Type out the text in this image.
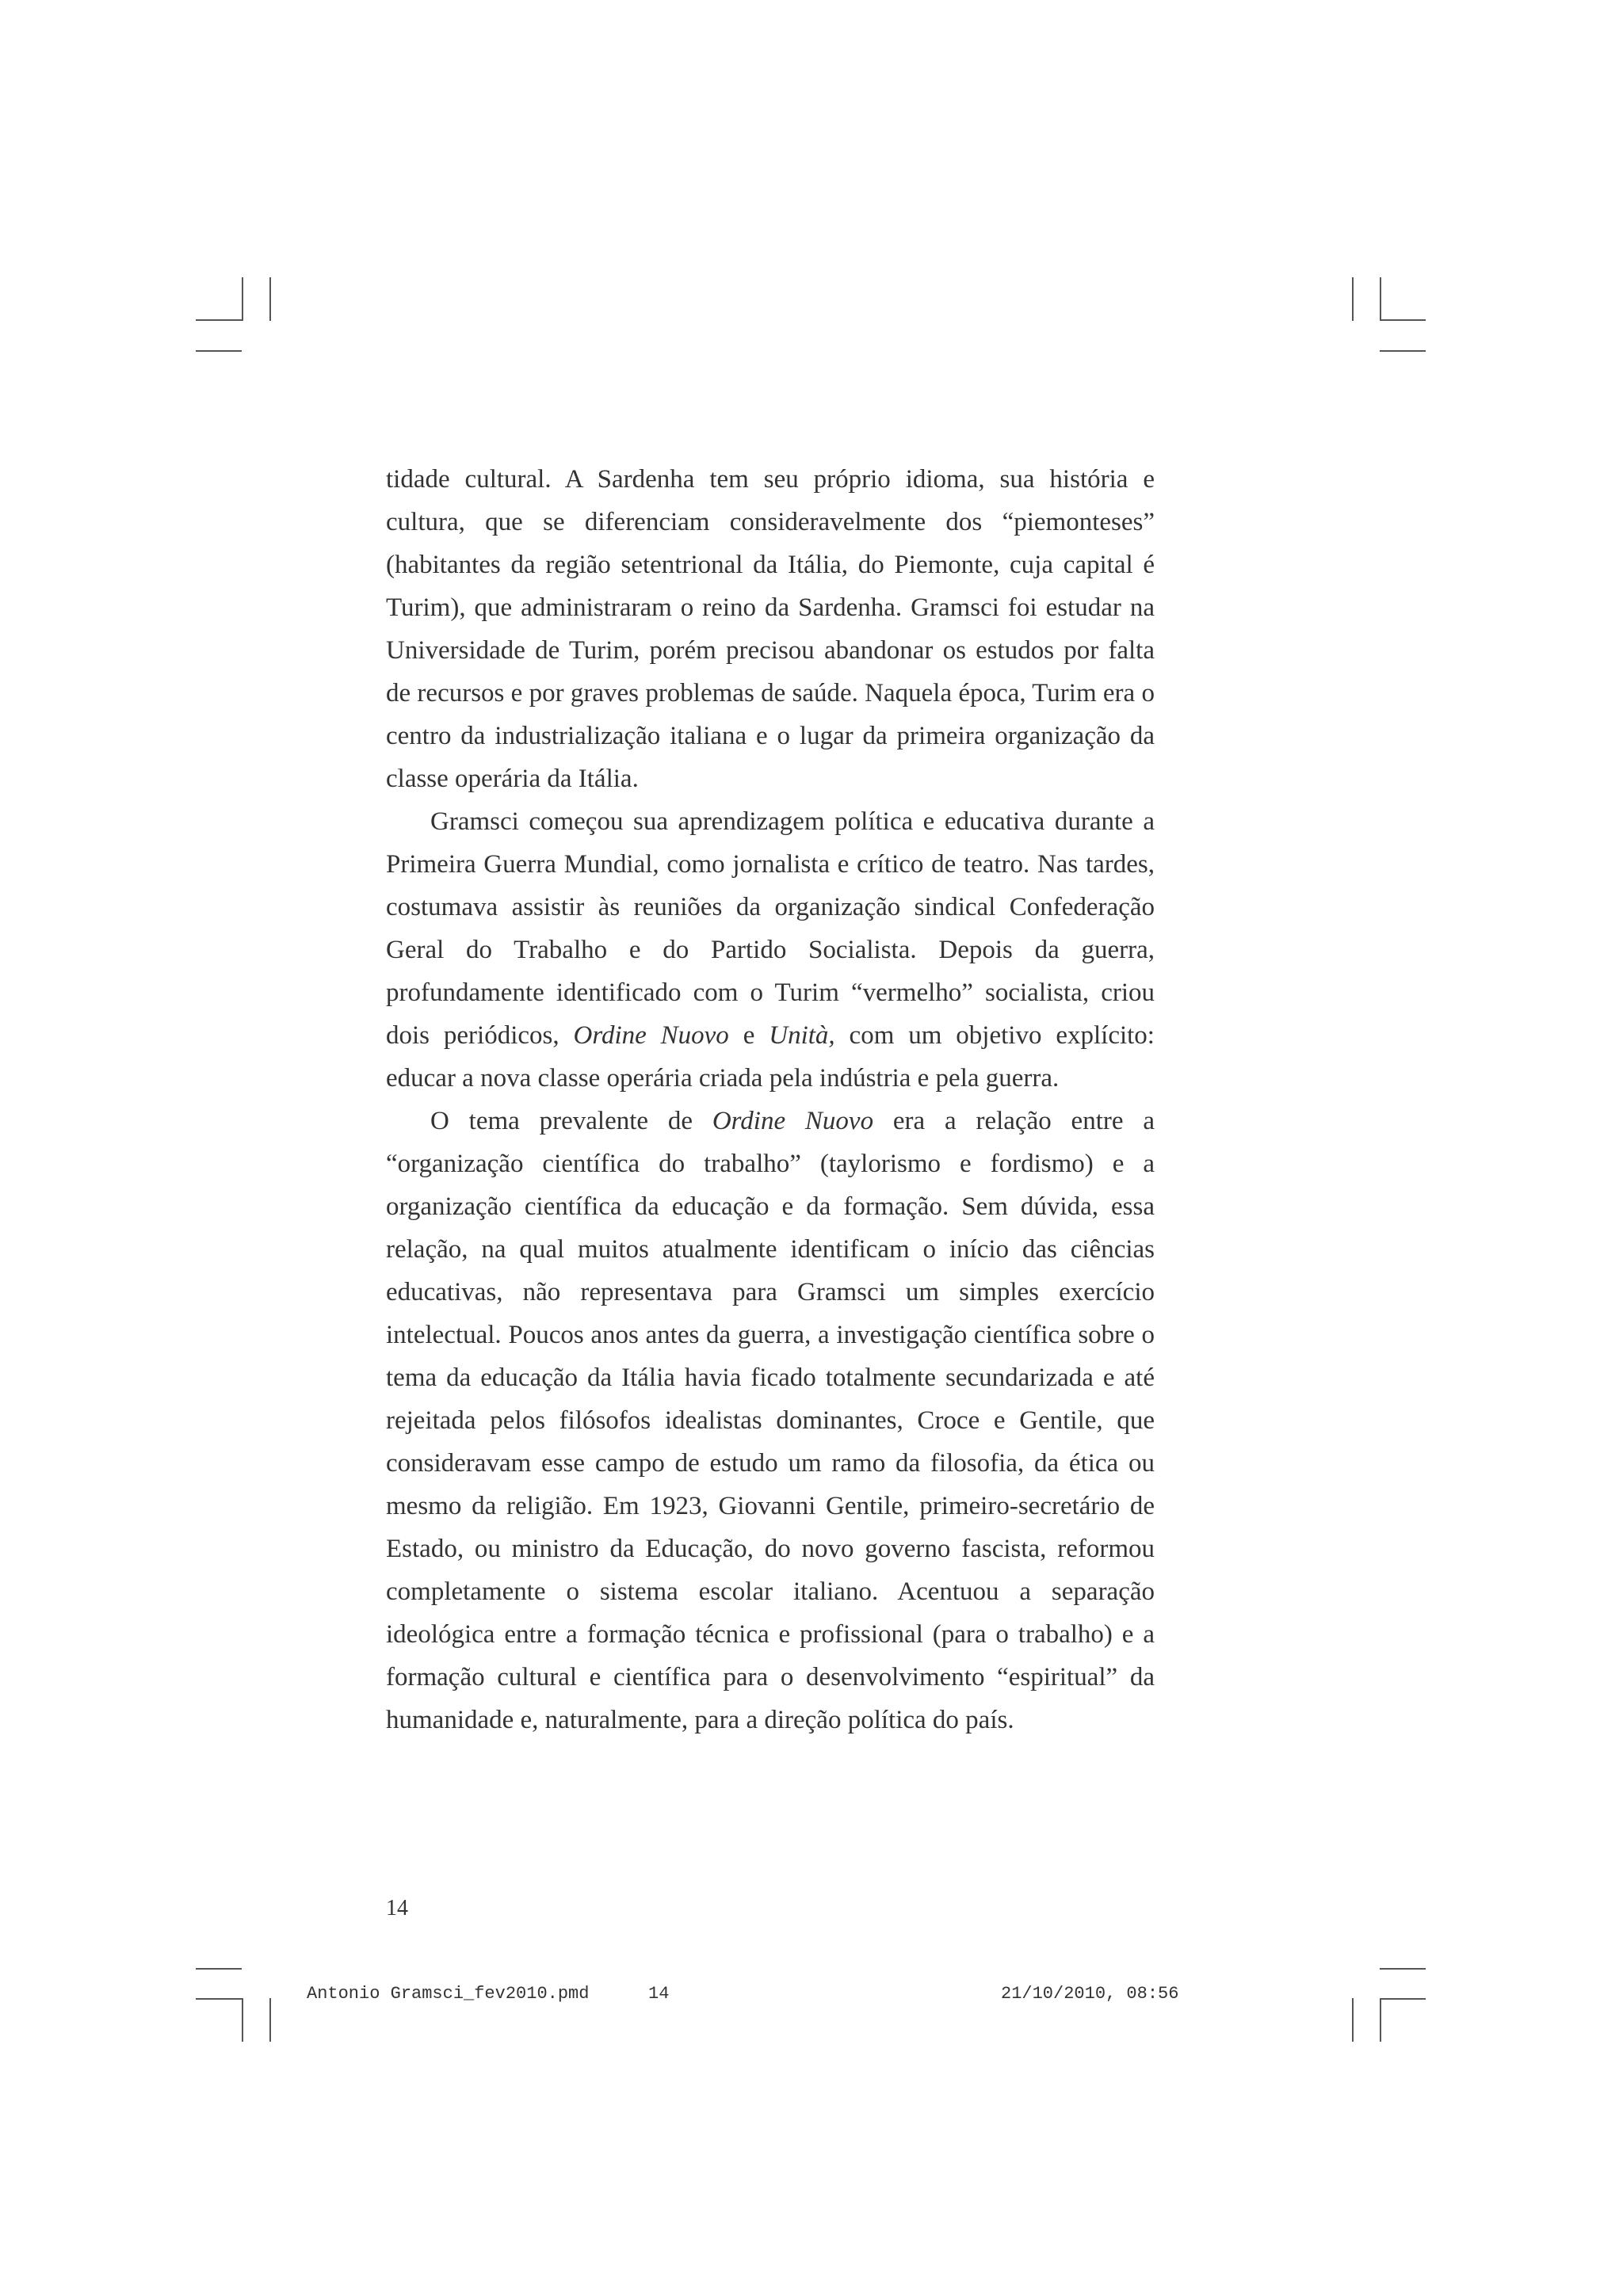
tidade cultural. A Sardenha tem seu próprio idioma, sua história e cultura, que se diferenciam consideravelmente dos “piemonteses” (habitantes da região setentrional da Itália, do Piemonte, cuja capital é Turim), que administraram o reino da Sardenha. Gramsci foi estudar na Universidade de Turim, porém precisou abandonar os estudos por falta de recursos e por graves problemas de saúde. Naquela época, Turim era o centro da industrialização italiana e o lugar da primeira organização da classe operária da Itália.

Gramsci começou sua aprendizagem política e educativa durante a Primeira Guerra Mundial, como jornalista e crítico de teatro. Nas tardes, costumava assistir às reuniões da organização sindical Confederação Geral do Trabalho e do Partido Socialista. Depois da guerra, profundamente identificado com o Turim “vermelho” socialista, criou dois periódicos, Ordine Nuovo e Unità, com um objetivo explícito: educar a nova classe operária criada pela indústria e pela guerra.

O tema prevalente de Ordine Nuovo era a relação entre a “organização científica do trabalho” (taylorismo e fordismo) e a organização científica da educação e da formação. Sem dúvida, essa relação, na qual muitos atualmente identificam o início das ciências educativas, não representava para Gramsci um simples exercício intelectual. Poucos anos antes da guerra, a investigação científica sobre o tema da educação da Itália havia ficado totalmente secundarizada e até rejeitada pelos filósofos idealistas dominantes, Croce e Gentile, que consideravam esse campo de estudo um ramo da filosofia, da ética ou mesmo da religião. Em 1923, Giovanni Gentile, primeiro-secretário de Estado, ou ministro da Educação, do novo governo fascista, reformou completamente o sistema escolar italiano. Acentuou a separação ideológica entre a formação técnica e profissional (para o trabalho) e a formação cultural e científica para o desenvolvimento “espiritual” da humanidade e, naturalmente, para a direção política do país.

14
Antonio Gramsci_fev2010.pmd	14	21/10/2010, 08:56
